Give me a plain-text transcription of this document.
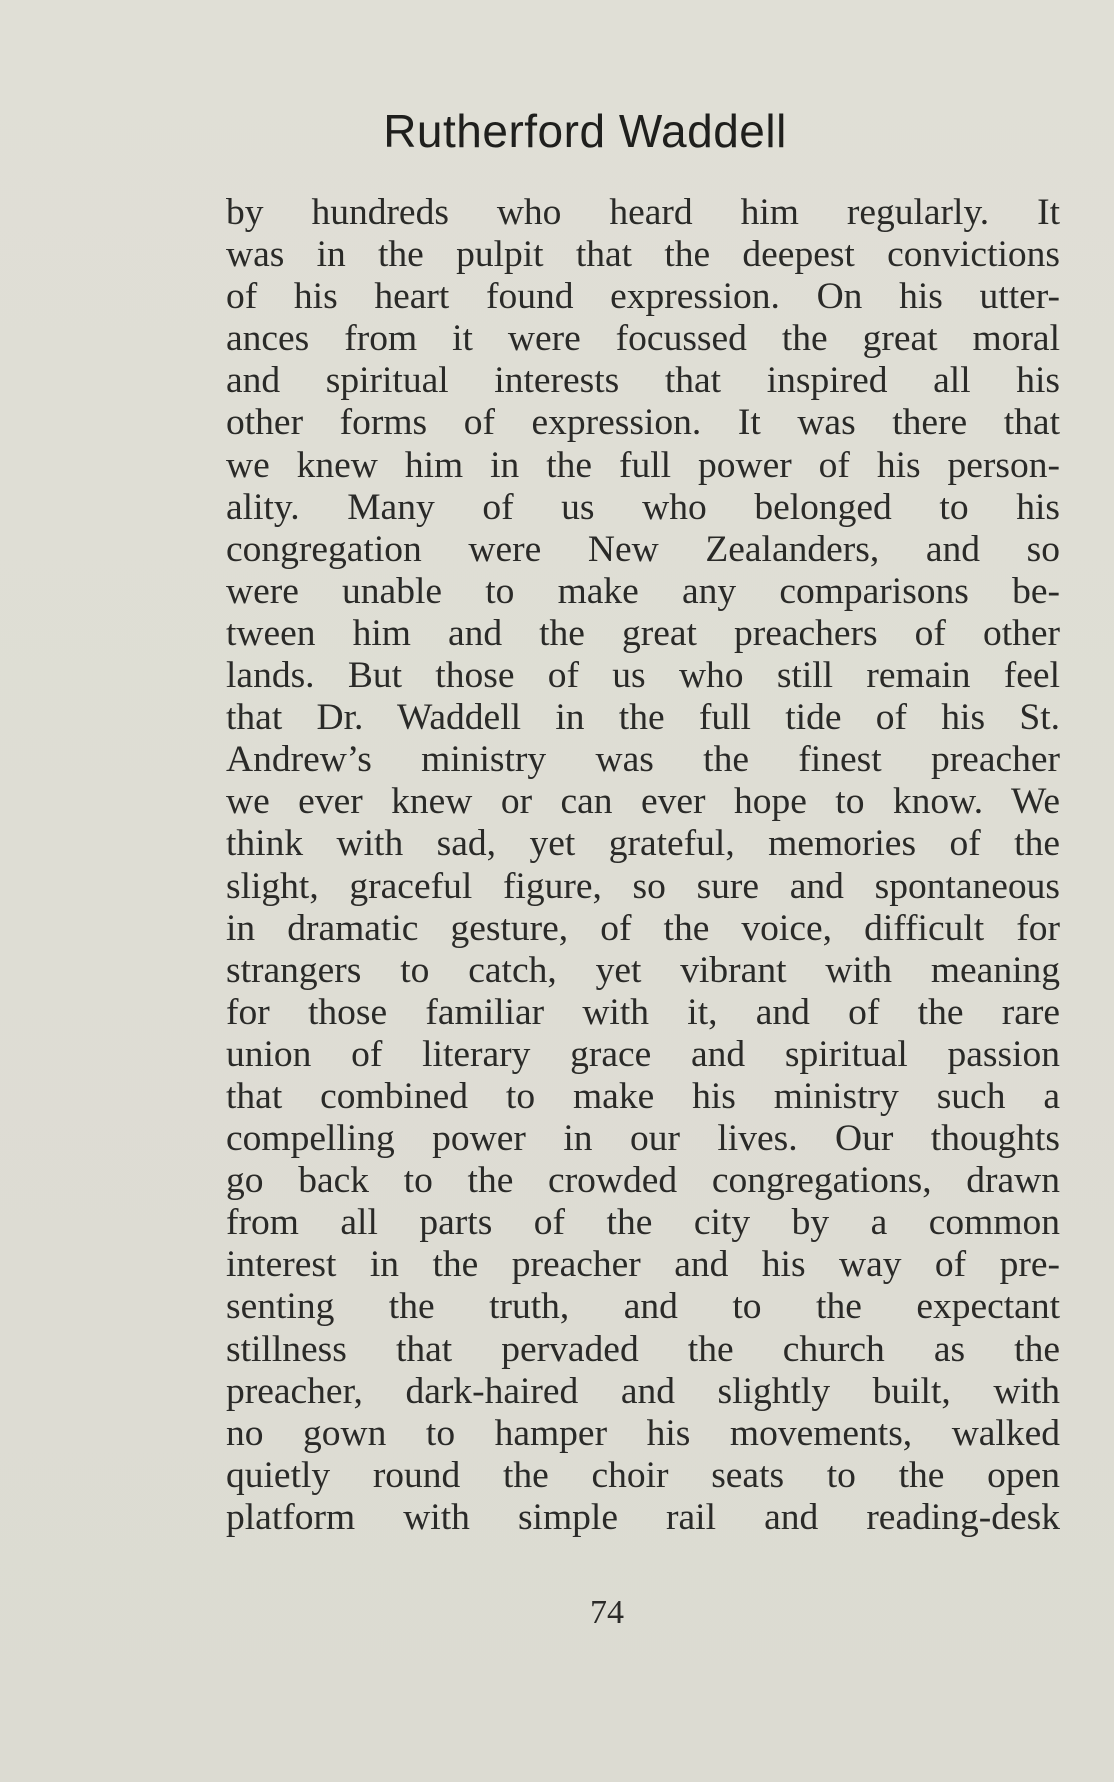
Rutherford Waddell
by hundreds who heard him regularly. It
was in the pulpit that the deepest convictions
of his heart found expression. On his utter-
ances from it were focussed the great moral
and spiritual interests that inspired all his
other forms of expression. It was there that
we knew him in the full power of his person-
ality. Many of us who belonged to his
congregation were New Zealanders, and so
were unable to make any comparisons be-
tween him and the great preachers of other
lands. But those of us who still remain feel
that Dr. Waddell in the full tide of his St.
Andrew’s ministry was the finest preacher
we ever knew or can ever hope to know. We
think with sad, yet grateful, memories of the
slight, graceful figure, so sure and spontaneous
in dramatic gesture, of the voice, difficult for
strangers to catch, yet vibrant with meaning
for those familiar with it, and of the rare
union of literary grace and spiritual passion
that combined to make his ministry such a
compelling power in our lives. Our thoughts
go back to the crowded congregations, drawn
from all parts of the city by a common
interest in the preacher and his way of pre-
senting the truth, and to the expectant
stillness that pervaded the church as the
preacher, dark-haired and slightly built, with
no gown to hamper his movements, walked
quietly round the choir seats to the open
platform with simple rail and reading-desk
74
